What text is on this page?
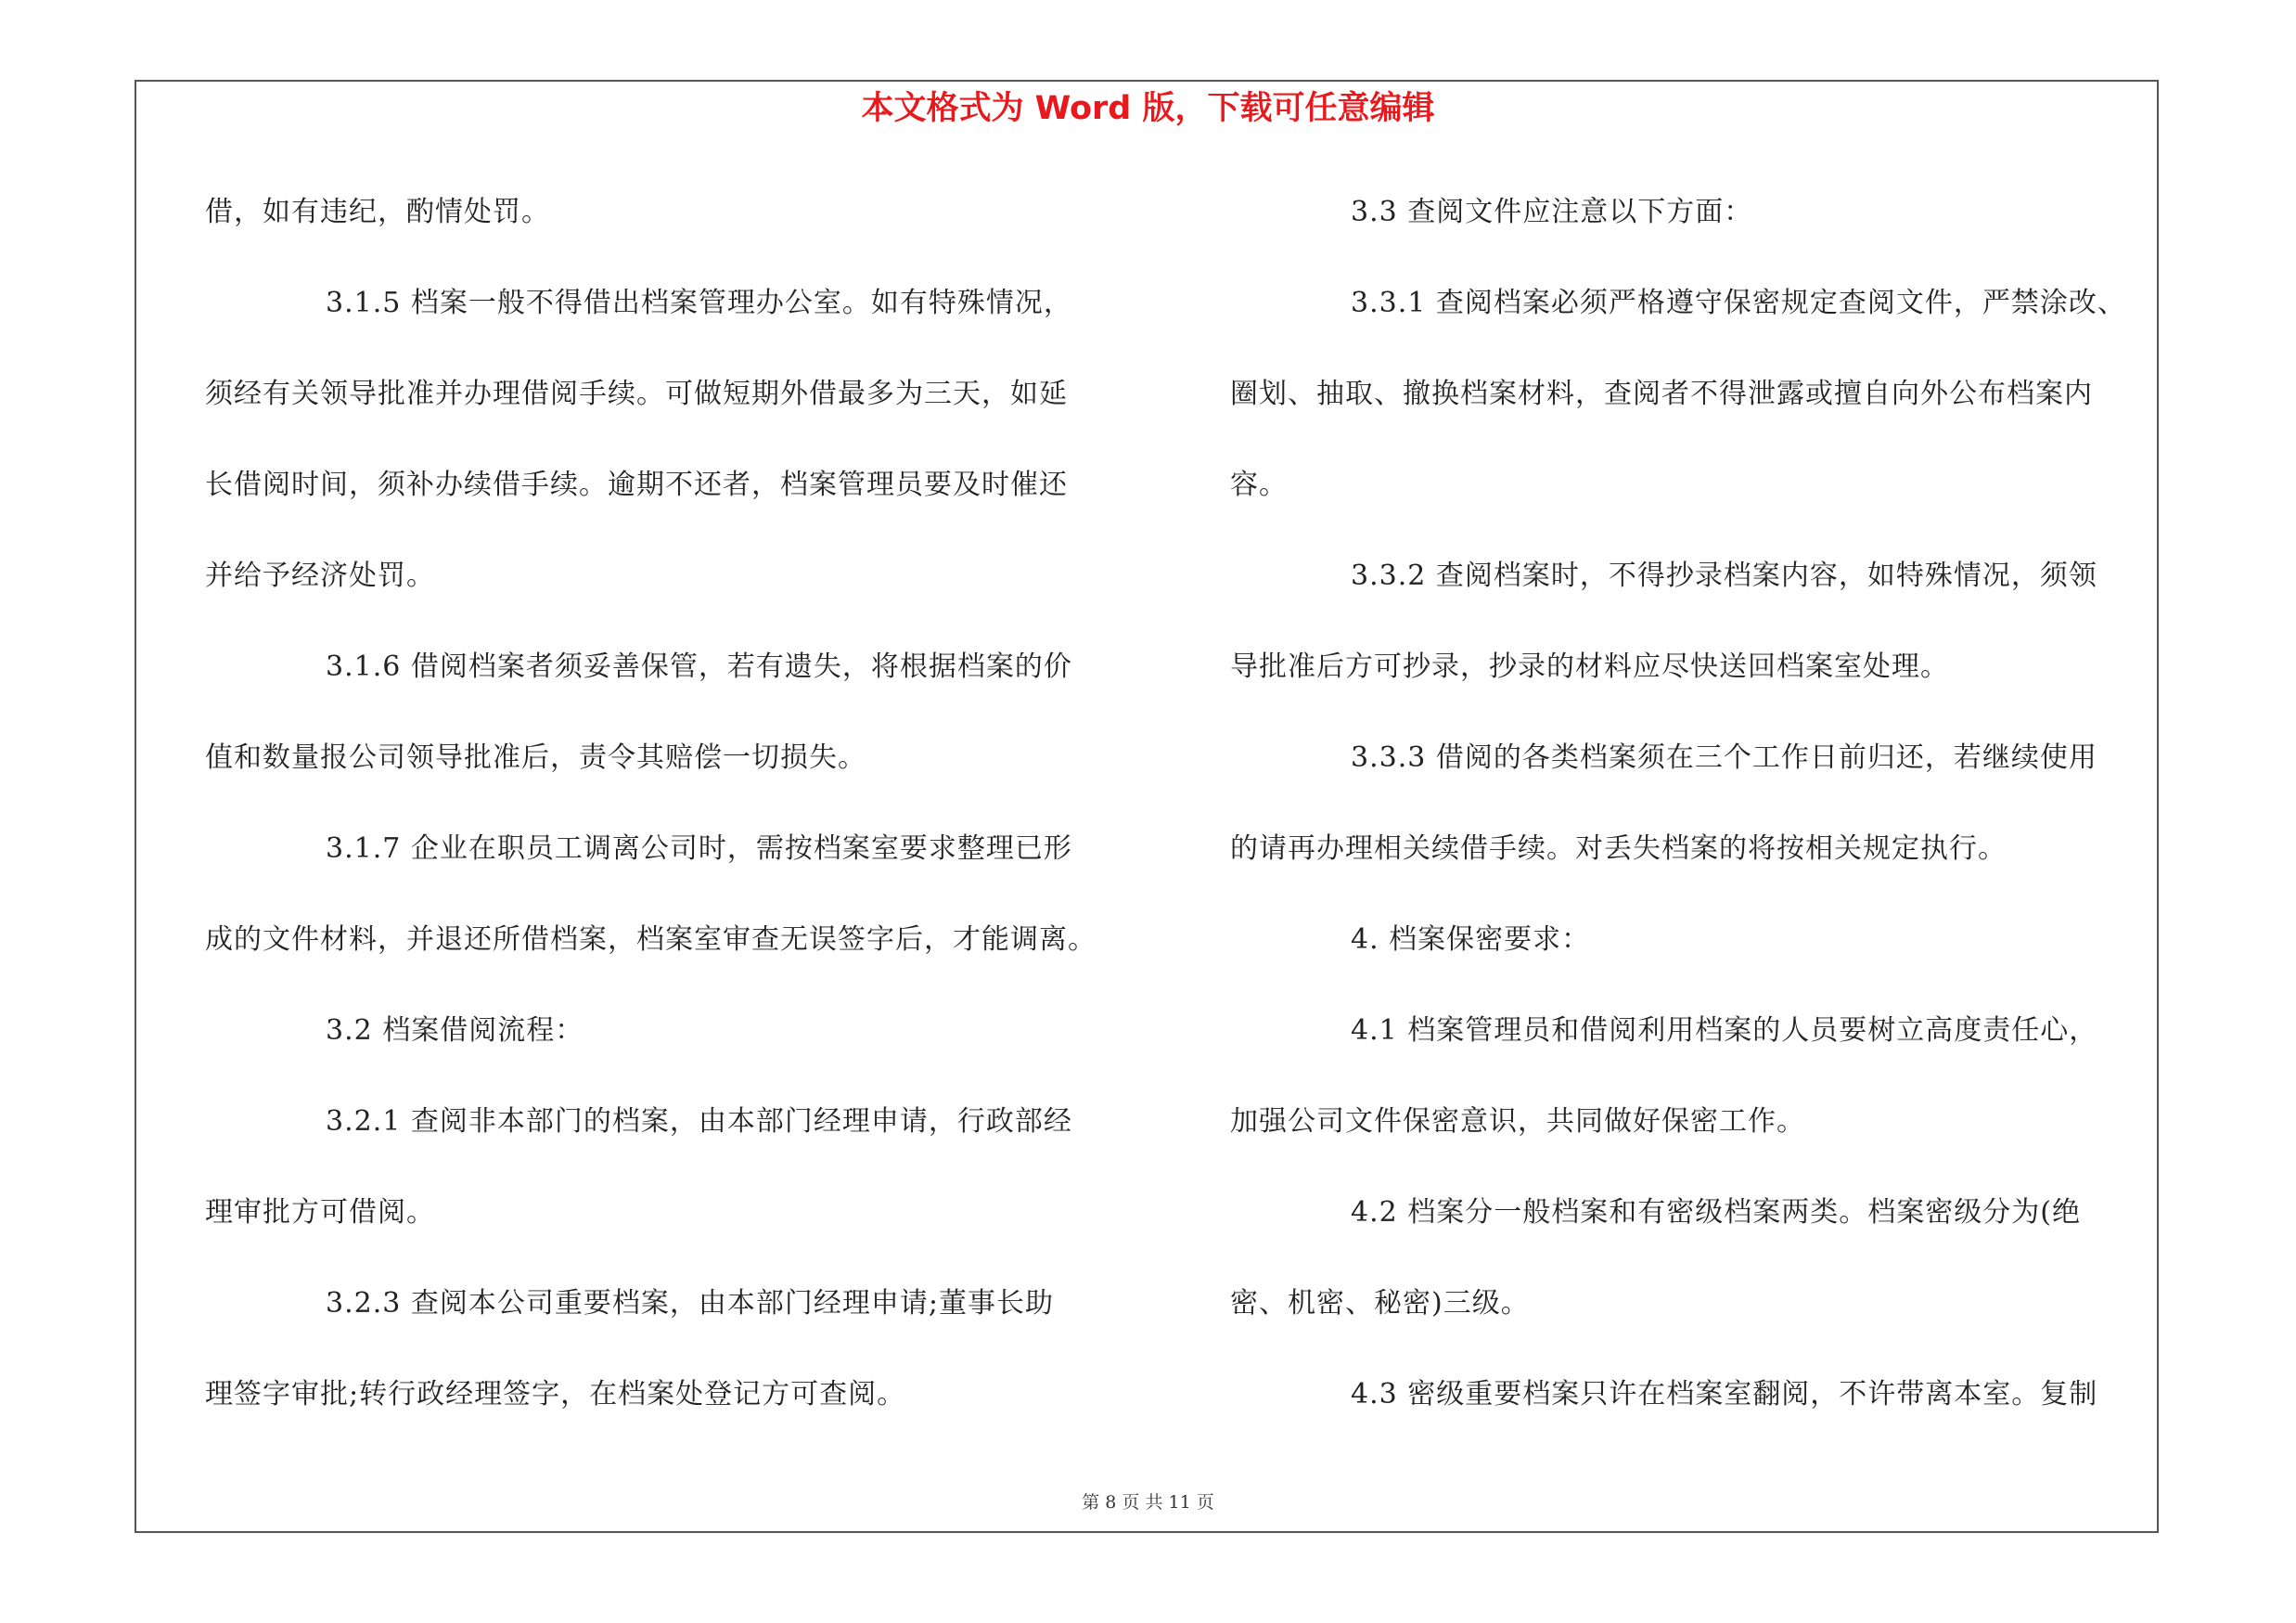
本文格式为 Word 版，下载可任意编辑
借，如有违纪，酌情处罚。
3.1.5 档案一般不得借出档案管理办公室。如有特殊情况，
须经有关领导批准并办理借阅手续。可做短期外借最多为三天，如延
长借阅时间，须补办续借手续。逾期不还者，档案管理员要及时催还
并给予经济处罚。
3.1.6 借阅档案者须妥善保管，若有遗失，将根据档案的价
值和数量报公司领导批准后，责令其赔偿一切损失。
3.1.7 企业在职员工调离公司时，需按档案室要求整理已形
成的文件材料，并退还所借档案，档案室审查无误签字后，才能调离。
3.2 档案借阅流程：
3.2.1 查阅非本部门的档案，由本部门经理申请，行政部经
理审批方可借阅。
3.2.3 查阅本公司重要档案，由本部门经理申请;董事长助
理签字审批;转行政经理签字，在档案处登记方可查阅。
3.3 查阅文件应注意以下方面：
3.3.1 查阅档案必须严格遵守保密规定查阅文件，严禁涂改、
圈划、抽取、撤换档案材料，查阅者不得泄露或擅自向外公布档案内
容。
3.3.2 查阅档案时，不得抄录档案内容，如特殊情况，须领
导批准后方可抄录，抄录的材料应尽快送回档案室处理。
3.3.3 借阅的各类档案须在三个工作日前归还，若继续使用
的请再办理相关续借手续。对丢失档案的将按相关规定执行。
4. 档案保密要求：
4.1 档案管理员和借阅利用档案的人员要树立高度责任心，
加强公司文件保密意识，共同做好保密工作。
4.2 档案分一般档案和有密级档案两类。档案密级分为(绝
密、机密、秘密)三级。
4.3 密级重要档案只许在档案室翻阅，不许带离本室。复制
第 8 页 共 11 页
